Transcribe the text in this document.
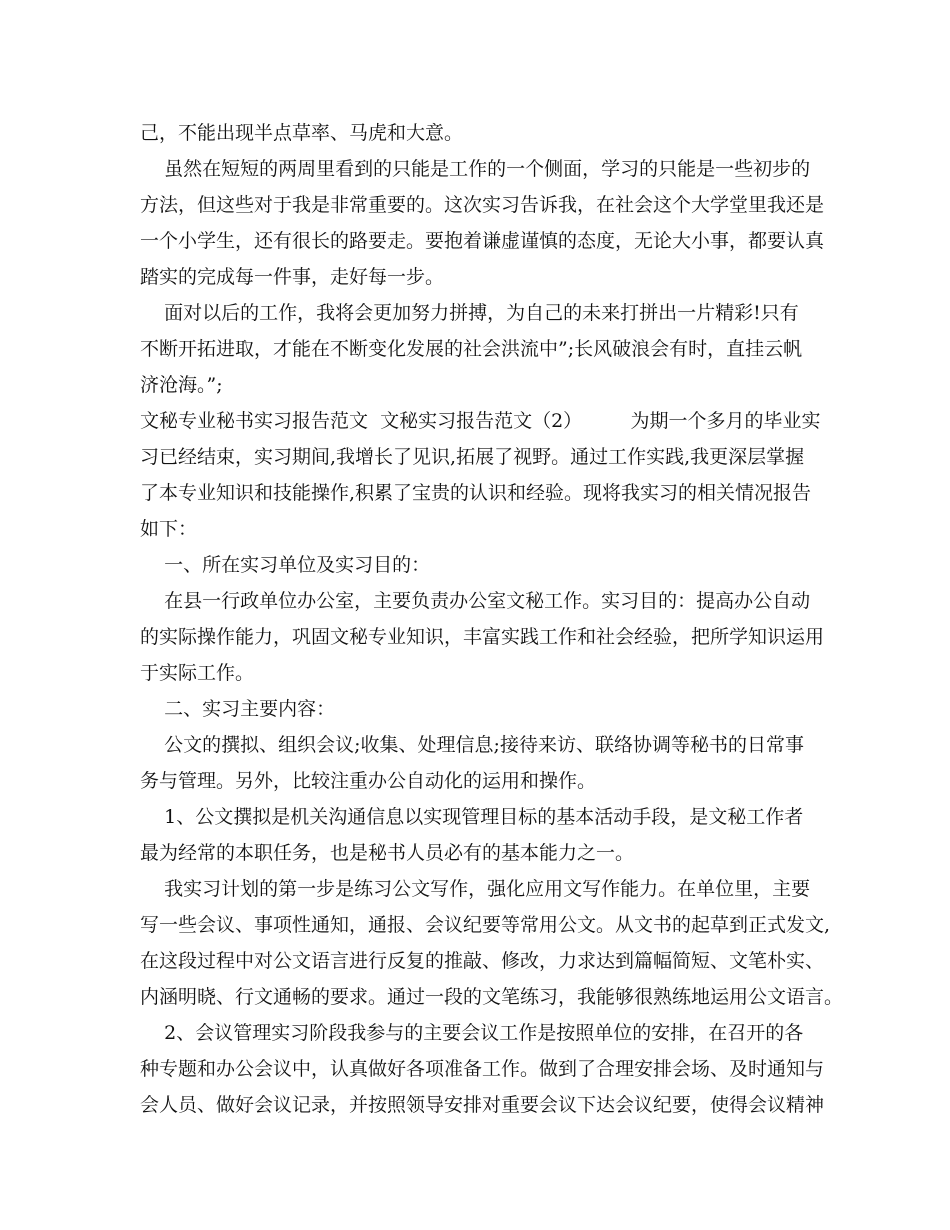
己，不能出现半点草率、马虎和大意。
虽然在短短的两周里看到的只能是工作的一个侧面，学习的只能是一些初步的
方法，但这些对于我是非常重要的。这次实习告诉我，在社会这个大学堂里我还是
一个小学生，还有很长的路要走。要抱着谦虚谨慎的态度，无论大小事，都要认真
踏实的完成每一件事，走好每一步。
面对以后的工作，我将会更加努力拼搏，为自己的未来打拼出一片精彩!只有
不断开拓进取，才能在不断变化发展的社会洪流中”;长风破浪会有时，直挂云帆
济沧海。”;
文秘专业秘书实习报告范文  文秘实习报告范文（2）        为期一个多月的毕业实
习已经结束，实习期间,我增长了见识,拓展了视野。通过工作实践,我更深层掌握
了本专业知识和技能操作,积累了宝贵的认识和经验。现将我实习的相关情况报告
如下：
一、所在实习单位及实习目的：
在县一行政单位办公室，主要负责办公室文秘工作。实习目的：提高办公自动
的实际操作能力，巩固文秘专业知识，丰富实践工作和社会经验，把所学知识运用
于实际工作。
二、实习主要内容：
公文的撰拟、组织会议;收集、处理信息;接待来访、联络协调等秘书的日常事
务与管理。另外，比较注重办公自动化的运用和操作。
1、公文撰拟是机关沟通信息以实现管理目标的基本活动手段，是文秘工作者
最为经常的本职任务，也是秘书人员必有的基本能力之一。
我实习计划的第一步是练习公文写作，强化应用文写作能力。在单位里，主要
写一些会议、事项性通知，通报、会议纪要等常用公文。从文书的起草到正式发文,
在这段过程中对公文语言进行反复的推敲、修改，力求达到篇幅简短、文笔朴实、
内涵明晓、行文通畅的要求。通过一段的文笔练习，我能够很熟练地运用公文语言。
2、会议管理实习阶段我参与的主要会议工作是按照单位的安排，在召开的各
种专题和办公会议中，认真做好各项准备工作。做到了合理安排会场、及时通知与
会人员、做好会议记录，并按照领导安排对重要会议下达会议纪要，使得会议精神
